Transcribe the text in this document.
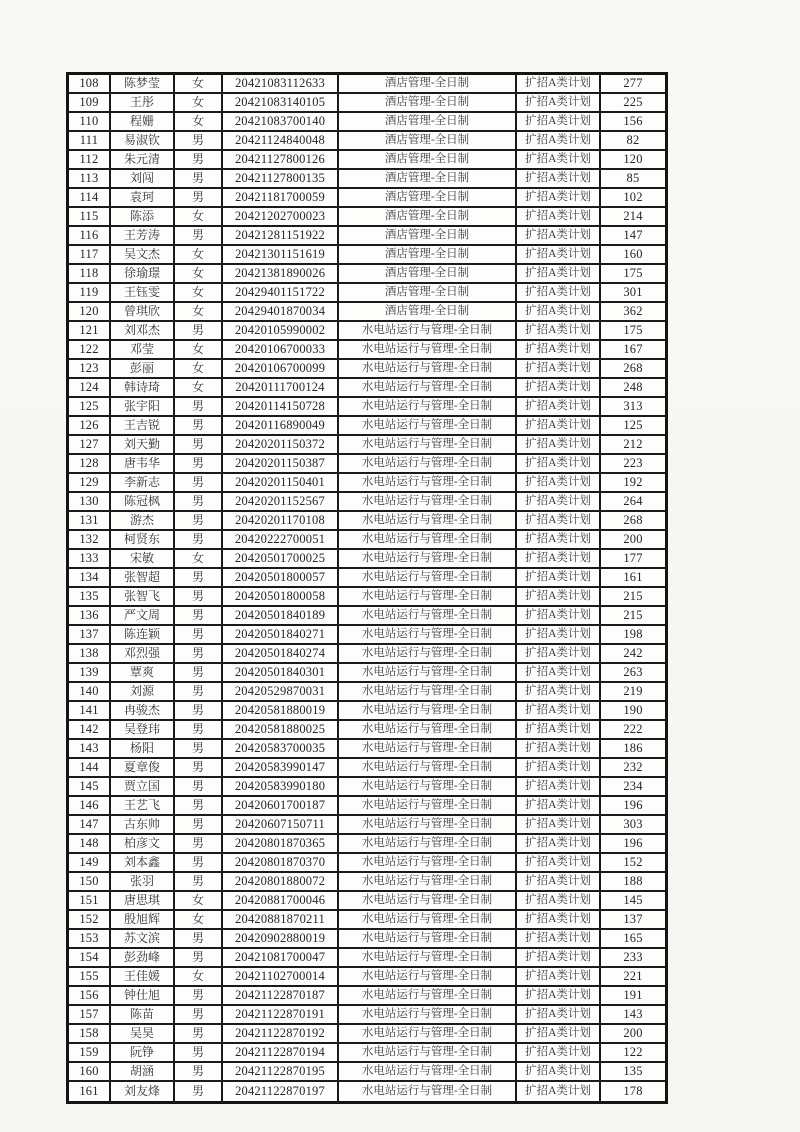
108	陈梦莹	女	20421083112633	酒店管理-全日制	扩招A类计划	277
109	王彤	女	20421083140105	酒店管理-全日制	扩招A类计划	225
110	程姗	女	20421083700140	酒店管理-全日制	扩招A类计划	156
111	易淑钦	男	20421124840048	酒店管理-全日制	扩招A类计划	82
112	朱元清	男	20421127800126	酒店管理-全日制	扩招A类计划	120
113	刘闯	男	20421127800135	酒店管理-全日制	扩招A类计划	85
114	袁珂	男	20421181700059	酒店管理-全日制	扩招A类计划	102
115	陈添	女	20421202700023	酒店管理-全日制	扩招A类计划	214
116	王芳涛	男	20421281151922	酒店管理-全日制	扩招A类计划	147
117	吴文杰	女	20421301151619	酒店管理-全日制	扩招A类计划	160
118	徐瑜璟	女	20421381890026	酒店管理-全日制	扩招A类计划	175
119	王钰雯	女	20429401151722	酒店管理-全日制	扩招A类计划	301
120	曾琪欣	女	20429401870034	酒店管理-全日制	扩招A类计划	362
121	刘邓杰	男	20420105990002	水电站运行与管理-全日制	扩招A类计划	175
122	邓莹	女	20420106700033	水电站运行与管理-全日制	扩招A类计划	167
123	彭丽	女	20420106700099	水电站运行与管理-全日制	扩招A类计划	268
124	韩诗琦	女	20420111700124	水电站运行与管理-全日制	扩招A类计划	248
125	张宇阳	男	20420114150728	水电站运行与管理-全日制	扩招A类计划	313
126	王吉锐	男	20420116890049	水电站运行与管理-全日制	扩招A类计划	125
127	刘天勤	男	20420201150372	水电站运行与管理-全日制	扩招A类计划	212
128	唐韦华	男	20420201150387	水电站运行与管理-全日制	扩招A类计划	223
129	李新志	男	20420201150401	水电站运行与管理-全日制	扩招A类计划	192
130	陈冠枫	男	20420201152567	水电站运行与管理-全日制	扩招A类计划	264
131	游杰	男	20420201170108	水电站运行与管理-全日制	扩招A类计划	268
132	柯贤东	男	20420222700051	水电站运行与管理-全日制	扩招A类计划	200
133	宋敏	女	20420501700025	水电站运行与管理-全日制	扩招A类计划	177
134	张智超	男	20420501800057	水电站运行与管理-全日制	扩招A类计划	161
135	张智飞	男	20420501800058	水电站运行与管理-全日制	扩招A类计划	215
136	严文周	男	20420501840189	水电站运行与管理-全日制	扩招A类计划	215
137	陈连颖	男	20420501840271	水电站运行与管理-全日制	扩招A类计划	198
138	邓烈强	男	20420501840274	水电站运行与管理-全日制	扩招A类计划	242
139	覃爽	男	20420501840301	水电站运行与管理-全日制	扩招A类计划	263
140	刘源	男	20420529870031	水电站运行与管理-全日制	扩招A类计划	219
141	冉骏杰	男	20420581880019	水电站运行与管理-全日制	扩招A类计划	190
142	吴登玮	男	20420581880025	水电站运行与管理-全日制	扩招A类计划	222
143	杨阳	男	20420583700035	水电站运行与管理-全日制	扩招A类计划	186
144	夏章俊	男	20420583990147	水电站运行与管理-全日制	扩招A类计划	232
145	贾立国	男	20420583990180	水电站运行与管理-全日制	扩招A类计划	234
146	王艺飞	男	20420601700187	水电站运行与管理-全日制	扩招A类计划	196
147	古东帅	男	20420607150711	水电站运行与管理-全日制	扩招A类计划	303
148	柏彦文	男	20420801870365	水电站运行与管理-全日制	扩招A类计划	196
149	刘本鑫	男	20420801870370	水电站运行与管理-全日制	扩招A类计划	152
150	张羽	男	20420801880072	水电站运行与管理-全日制	扩招A类计划	188
151	唐思琪	女	20420881700046	水电站运行与管理-全日制	扩招A类计划	145
152	殷旭辉	女	20420881870211	水电站运行与管理-全日制	扩招A类计划	137
153	苏文滨	男	20420902880019	水电站运行与管理-全日制	扩招A类计划	165
154	彭劲峰	男	20421081700047	水电站运行与管理-全日制	扩招A类计划	233
155	王佳媛	女	20421102700014	水电站运行与管理-全日制	扩招A类计划	221
156	钟仕旭	男	20421122870187	水电站运行与管理-全日制	扩招A类计划	191
157	陈苗	男	20421122870191	水电站运行与管理-全日制	扩招A类计划	143
158	吴昊	男	20421122870192	水电站运行与管理-全日制	扩招A类计划	200
159	阮铮	男	20421122870194	水电站运行与管理-全日制	扩招A类计划	122
160	胡涵	男	20421122870195	水电站运行与管理-全日制	扩招A类计划	135
161	刘友烽	男	20421122870197	水电站运行与管理-全日制	扩招A类计划	178
